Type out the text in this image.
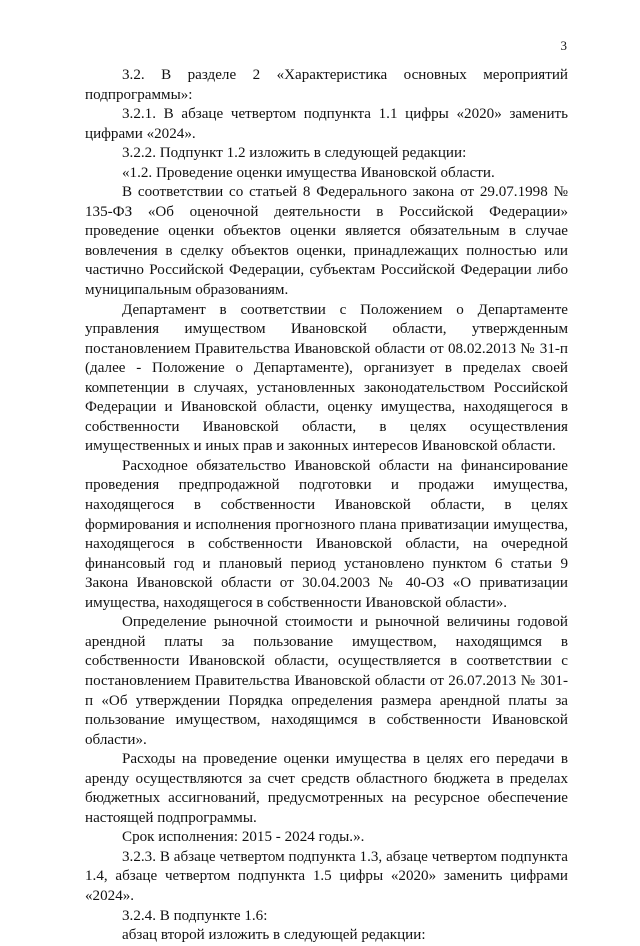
3

3.2. В разделе 2 «Характеристика основных мероприятий подпрограммы»:

3.2.1. В абзаце четвертом подпункта 1.1 цифры «2020» заменить цифрами «2024».

3.2.2. Подпункт 1.2 изложить в следующей редакции:

«1.2. Проведение оценки имущества Ивановской области.

В соответствии со статьей 8 Федерального закона от 29.07.1998 № 135-ФЗ «Об оценочной деятельности в Российской Федерации» проведение оценки объектов оценки является обязательным в случае вовлечения в сделку объектов оценки, принадлежащих полностью или частично Российской Федерации, субъектам Российской Федерации либо муниципальным образованиям.

Департамент в соответствии с Положением о Департаменте управления имуществом Ивановской области, утвержденным постановлением Правительства Ивановской области от 08.02.2013 № 31-п (далее - Положение о Департаменте), организует в пределах своей компетенции в случаях, установленных законодательством Российской Федерации и Ивановской области, оценку имущества, находящегося в собственности Ивановской области, в целях осуществления имущественных и иных прав и законных интересов Ивановской области.

Расходное обязательство Ивановской области на финансирование проведения предпродажной подготовки и продажи имущества, находящегося в собственности Ивановской области, в целях формирования и исполнения прогнозного плана приватизации имущества, находящегося в собственности Ивановской области, на очередной финансовый год и плановый период установлено пунктом 6 статьи 9 Закона Ивановской области от 30.04.2003 № 40-ОЗ «О приватизации имущества, находящегося в собственности Ивановской области».

Определение рыночной стоимости и рыночной величины годовой арендной платы за пользование имуществом, находящимся в собственности Ивановской области, осуществляется в соответствии с постановлением Правительства Ивановской области от 26.07.2013 № 301-п «Об утверждении Порядка определения размера арендной платы за пользование имуществом, находящимся в собственности Ивановской области».

Расходы на проведение оценки имущества в целях его передачи в аренду осуществляются за счет средств областного бюджета в пределах бюджетных ассигнований, предусмотренных на ресурсное обеспечение настоящей подпрограммы.

Срок исполнения: 2015 - 2024 годы.».

3.2.3. В абзаце четвертом подпункта 1.3, абзаце четвертом подпункта 1.4, абзаце четвертом подпункта 1.5 цифры «2020» заменить цифрами «2024».

3.2.4. В подпункте 1.6:

абзац второй изложить в следующей редакции:
